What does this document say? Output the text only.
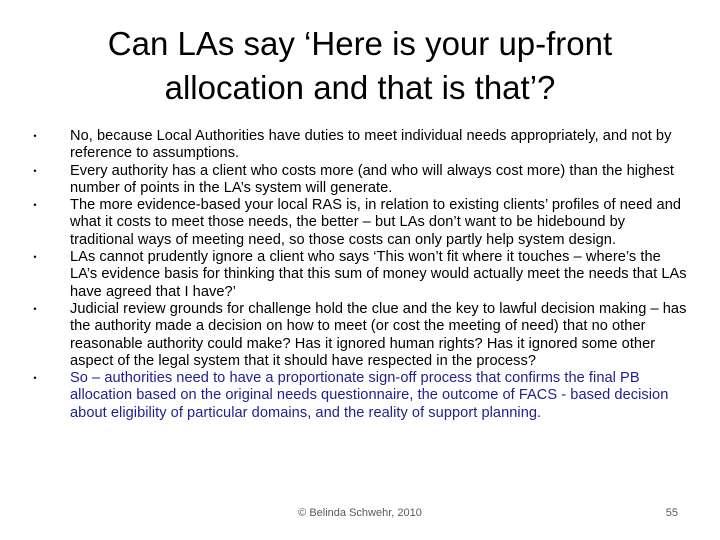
Can LAs say ‘Here is your up-front
allocation and that is that’?
• No, because Local Authorities have duties to meet individual needs appropriately, and not by reference to assumptions.
• Every authority has a client who costs more (and who will always cost more) than the highest number of points in the LA’s system will generate.
• The more evidence-based your local RAS is, in relation to existing clients’ profiles of need and what it costs to meet those needs, the better – but LAs don’t want to be hidebound by traditional ways of meeting need, so those costs can only partly help system design.
• LAs cannot prudently ignore a client who says ‘This won’t fit where it touches – where’s the LA’s evidence basis for thinking that this sum of money would actually meet the needs that LAs have agreed that I have?’
• Judicial review grounds for challenge hold the clue and the key to lawful decision making – has the authority made a decision on how to meet (or cost the meeting of need) that no other reasonable authority could make? Has it ignored human rights? Has it ignored some other aspect of the legal system that it should have respected in the process?
• So – authorities need to have a proportionate sign-off process that confirms the final PB allocation based on the original needs questionnaire, the outcome of FACS - based decision about eligibility of particular domains, and the reality of support planning.
© Belinda Schwehr, 2010	55
